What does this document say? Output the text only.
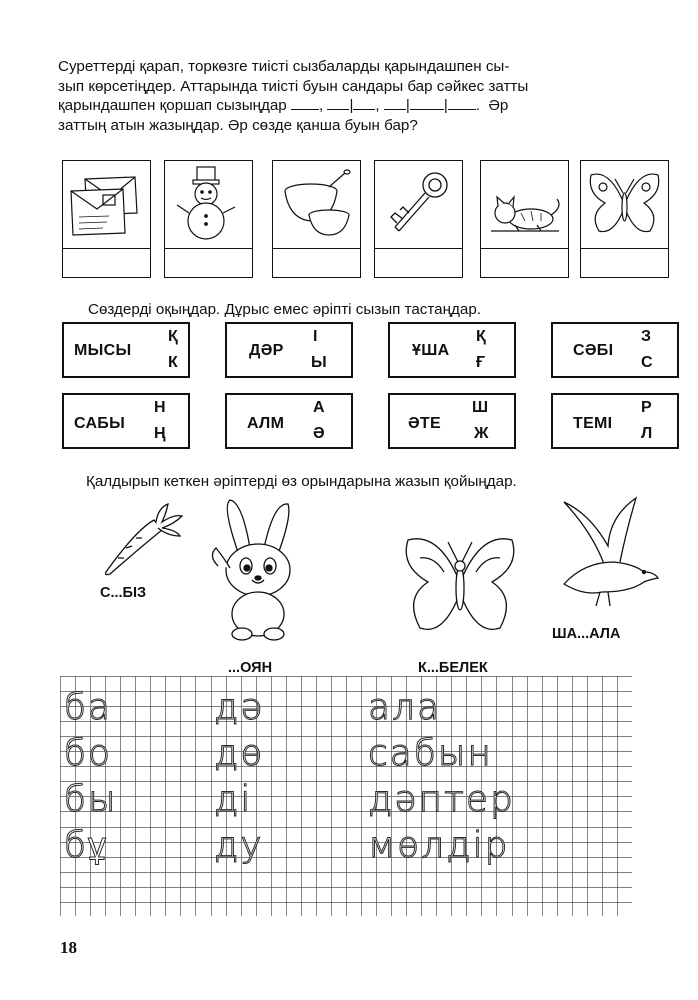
Суреттерді қарап, торкөзге тиісті сызбаларды қарындашпен сы-
зып көрсетіңдер. Аттарында тиісті буын сандары бар сәйкес затты
қарындашпен қоршап сызыңдар , | , | | .  Әр
заттың атын жазыңдар. Әр сөзде қанша буын бар?
Сөздерді оқыңдар. Дұрыс емес әріпті сызып тастаңдар.
МЫСЫ
Қ
К
ДӘР
І
Ы
ҰША
Қ
Ғ
СӘБІ
З
С
САБЫ
Н
Ң
АЛМ
А
Ә
ӘТЕ
Ш
Ж
ТЕМІ
Р
Л
Қалдырып кеткен әріптерді өз орындарына жазып қойыңдар.
С...БІЗ
...ОЯН	К...БЕЛЕК
ША...АЛА
ба
бо
бы
бұ
дә
дө
ді
ду
ала
сабын
дәптер
мөлдір
18
